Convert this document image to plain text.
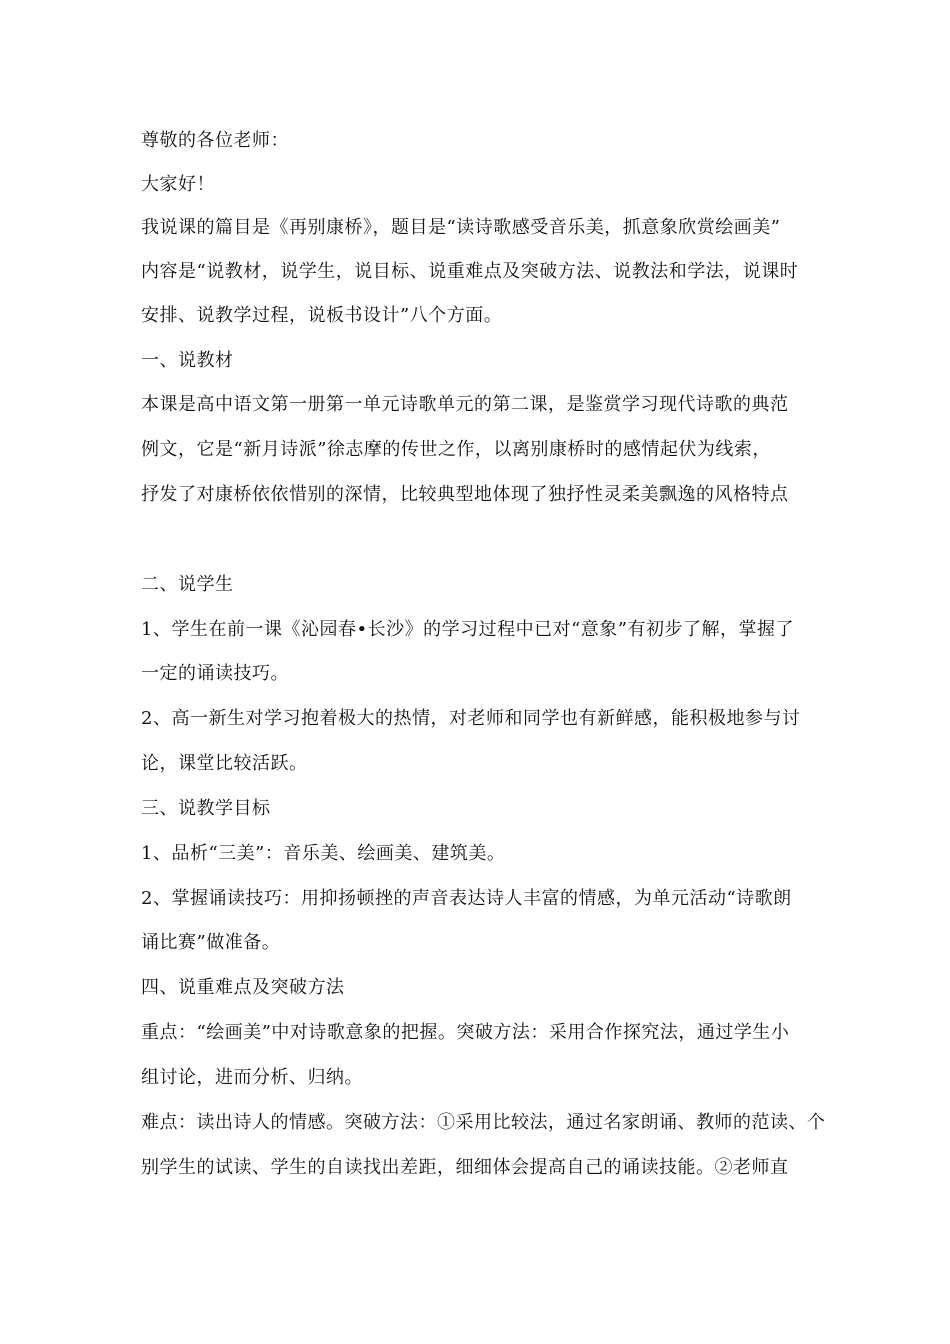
尊敬的各位老师：
大家好！
我说课的篇目是《再别康桥》，题目是“读诗歌感受音乐美，抓意象欣赏绘画美”
内容是“说教材，说学生，说目标、说重难点及突破方法、说教法和学法，说课时
安排、说教学过程，说板书设计”八个方面。
一、说教材
本课是高中语文第一册第一单元诗歌单元的第二课，是鉴赏学习现代诗歌的典范
例文，它是“新月诗派”徐志摩的传世之作，以离别康桥时的感情起伏为线索，
抒发了对康桥依依惜别的深情，比较典型地体现了独抒性灵柔美飘逸的风格特点
二、说学生
1、学生在前一课《沁园春•长沙》的学习过程中已对“意象”有初步了解，掌握了
一定的诵读技巧。
2、高一新生对学习抱着极大的热情，对老师和同学也有新鲜感，能积极地参与讨
论，课堂比较活跃。
三、说教学目标
1、品析“三美”：音乐美、绘画美、建筑美。
2、掌握诵读技巧：用抑扬顿挫的声音表达诗人丰富的情感，为单元活动“诗歌朗
诵比赛”做准备。
四、说重难点及突破方法
重点：“绘画美”中对诗歌意象的把握。突破方法：采用合作探究法，通过学生小
组讨论，进而分析、归纳。
难点：读出诗人的情感。突破方法：①采用比较法，通过名家朗诵、教师的范读、个
别学生的试读、学生的自读找出差距，细细体会提高自己的诵读技能。②老师直
